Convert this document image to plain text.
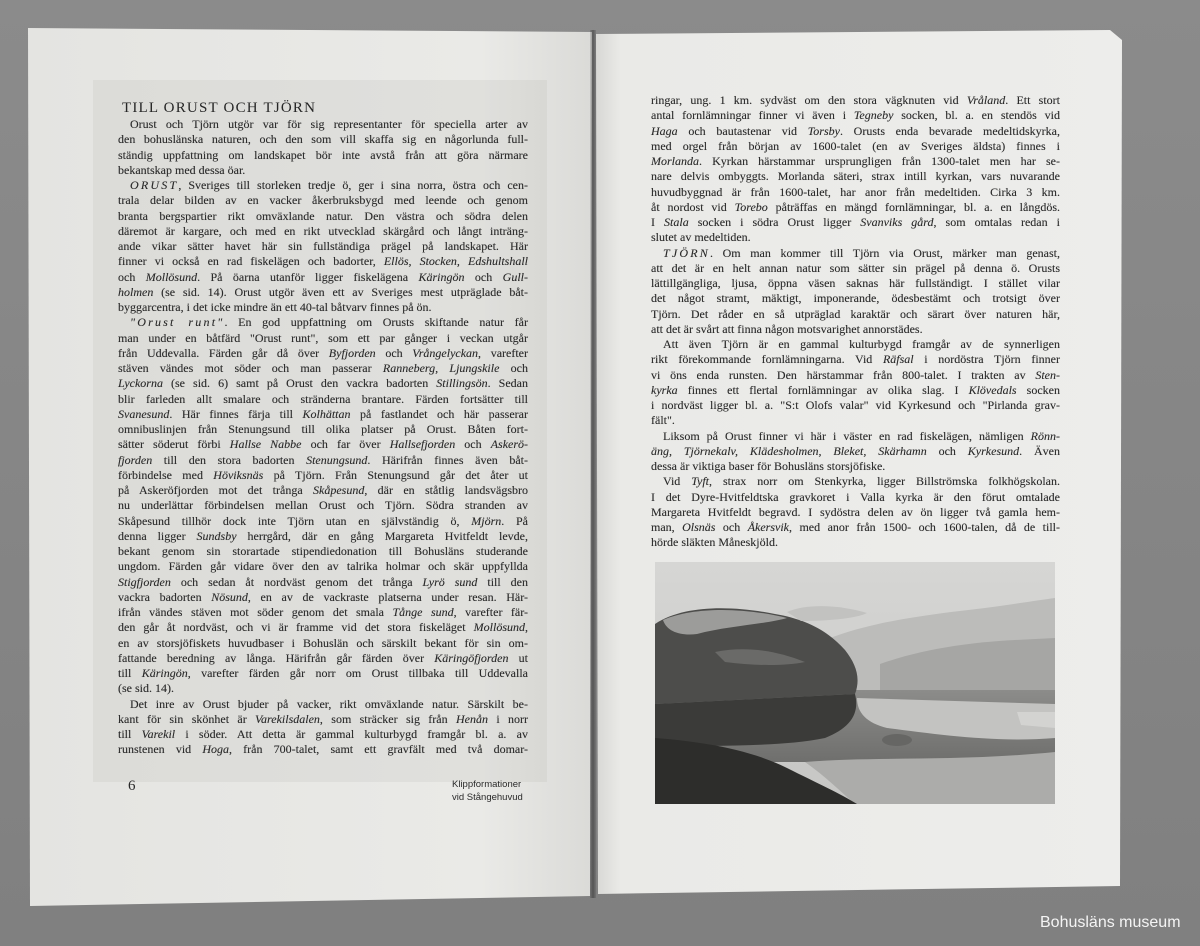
TILL ORUST OCH TJÖRN
Orust och Tjörn utgör var för sig representanter för speciella arter av
den bohuslänska naturen, och den som vill skaffa sig en någorlunda full-
ständig uppfattning om landskapet bör inte avstå från att göra närmare
bekantskap med dessa öar.
ORUST, Sveriges till storleken tredje ö, ger i sina norra, östra och cen-
trala delar bilden av en vacker åkerbruksbygd med leende och genom
branta bergspartier rikt omväxlande natur. Den västra och södra delen
däremot är kargare, och med en rikt utvecklad skärgård och långt inträng-
ande vikar sätter havet här sin fullständiga prägel på landskapet. Här
finner vi också en rad fiskelägen och badorter, Ellös, Stocken, Edshultshall
och Mollösund. På öarna utanför ligger fiskelägena Käringön och Gull-
holmen (se sid. 14). Orust utgör även ett av Sveriges mest utpräglade båt-
byggarcentra, i det icke mindre än ett 40-tal båtvarv finnes på ön.
"Orust runt". En god uppfattning om Orusts skiftande natur får
man under en båtfärd "Orust runt", som ett par gånger i veckan utgår
från Uddevalla. Färden går då över Byfjorden och Vrångelyckan, varefter
stäven vändes mot söder och man passerar Ranneberg, Ljungskile och
Lyckorna (se sid. 6) samt på Orust den vackra badorten Stillingsön. Sedan
blir farleden allt smalare och stränderna brantare. Färden fortsätter till
Svanesund. Här finnes färja till Kolhättan på fastlandet och här passerar
omnibuslinjen från Stenungsund till olika platser på Orust. Båten fort-
sätter söderut förbi Hallse Nabbe och far över Hallsefjorden och Askerö-
fjorden till den stora badorten Stenungsund. Härifrån finnes även båt-
förbindelse med Höviksnäs på Tjörn. Från Stenungsund går det åter ut
på Askeröfjorden mot det trånga Skåpesund, där en ståtlig landsvägsbro
nu underlättar förbindelsen mellan Orust och Tjörn. Södra stranden av
Skåpesund tillhör dock inte Tjörn utan en självständig ö, Mjörn. På
denna ligger Sundsby herrgård, där en gång Margareta Hvitfeldt levde,
bekant genom sin storartade stipendiedonation till Bohusläns studerande
ungdom. Färden går vidare över den av talrika holmar och skär uppfyllda
Stigfjorden och sedan åt nordväst genom det trånga Lyrö sund till den
vackra badorten Nösund, en av de vackraste platserna under resan. Här-
ifrån vändes stäven mot söder genom det smala Tånge sund, varefter fär-
den går åt nordväst, och vi är framme vid det stora fiskeläget Mollösund,
en av storsjöfiskets huvudbaser i Bohuslän och särskilt bekant för sin om-
fattande beredning av långa. Härifrån går färden över Käringöfjorden ut
till Käringön, varefter färden går norr om Orust tillbaka till Uddevalla
(se sid. 14).
Det inre av Orust bjuder på vacker, rikt omväxlande natur. Särskilt be-
kant för sin skönhet är Varekilsdalen, som sträcker sig från Henån i norr
till Varekil i söder. Att detta är gammal kulturbygd framgår bl. a. av
runstenen vid Hoga, från 700-talet, samt ett gravfält med två domar-
ringar, ung. 1 km. sydväst om den stora vägknuten vid Vråland. Ett stort
antal fornlämningar finner vi även i Tegneby socken, bl. a. en stendös vid
Haga och bautastenar vid Torsby. Orusts enda bevarade medeltidskyrka,
med orgel från början av 1600-talet (en av Sveriges äldsta) finnes i
Morlanda. Kyrkan härstammar ursprungligen från 1300-talet men har se-
nare delvis ombyggts. Morlanda säteri, strax intill kyrkan, vars nuvarande
huvudbyggnad är från 1600-talet, har anor från medeltiden. Cirka 3 km.
åt nordost vid Torebo påträffas en mängd fornlämningar, bl. a. en långdös.
I Stala socken i södra Orust ligger Svanviks gård, som omtalas redan i
slutet av medeltiden.
TJÖRN. Om man kommer till Tjörn via Orust, märker man genast,
att det är en helt annan natur som sätter sin prägel på denna ö. Orusts
lättillgängliga, ljusa, öppna väsen saknas här fullständigt. I stället vilar
det något stramt, mäktigt, imponerande, ödesbestämt och trotsigt över
Tjörn. Det råder en så utpräglad karaktär och särart över naturen här,
att det är svårt att finna någon motsvarighet annorstädes.
Att även Tjörn är en gammal kulturbygd framgår av de synnerligen
rikt förekommande fornlämningarna. Vid Räfsal i nordöstra Tjörn finner
vi öns enda runsten. Den härstammar från 800-talet. I trakten av Sten-
kyrka finnes ett flertal fornlämningar av olika slag. I Klövedals socken
i nordväst ligger bl. a. "S:t Olofs valar" vid Kyrkesund och "Pirlanda grav-
fält".
Liksom på Orust finner vi här i väster en rad fiskelägen, nämligen Rönn-
äng, Tjörnekalv, Klädesholmen, Bleket, Skärhamn och Kyrkesund. Även
dessa är viktiga baser för Bohusläns storsjöfiske.
Vid Tyft, strax norr om Stenkyrka, ligger Billströmska folkhögskolan.
I det Dyre-Hvitfeldtska gravkoret i Valla kyrka är den förut omtalade
Margareta Hvitfeldt begravd. I sydöstra delen av ön ligger två gamla hem-
man, Olsnäs och Åkersvik, med anor från 1500- och 1600-talen, då de till-
hörde släkten Måneskjöld.
6	Klippformationer
vid Stångehuvud
Bohusläns museum
